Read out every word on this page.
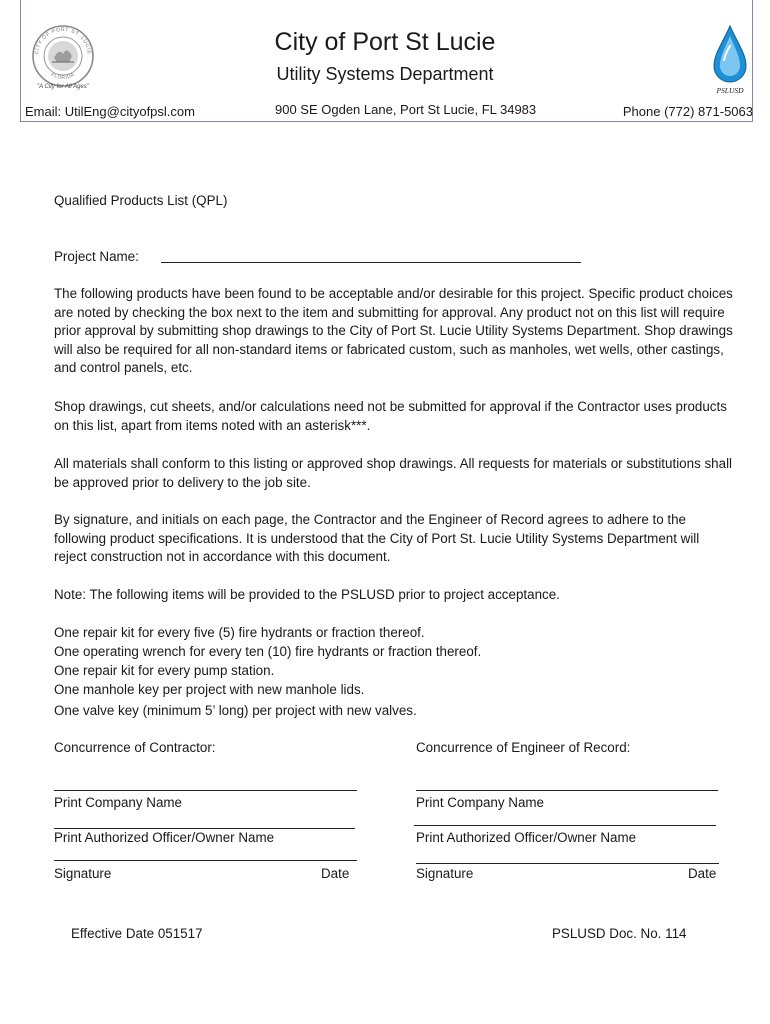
CITY OF PORT ST. LUCIE
FLORIDA
"A City for All Ages"	PSLUSD
City of Port St Lucie
Utility Systems Department
Email: UtilEng@cityofpsl.com	900 SE Ogden Lane, Port St Lucie, FL 34983	Phone (772) 871-5063
Qualified Products List (QPL)
Project Name:
The following products have been found to be acceptable and/or desirable for this project. Specific product choices are noted by checking the box next to the item and submitting for approval. Any product not on this list will require prior approval by submitting shop drawings to the City of Port St. Lucie Utility Systems Department. Shop drawings will also be required for all non-standard items or fabricated custom, such as manholes, wet wells, other castings, and control panels, etc.
Shop drawings, cut sheets, and/or calculations need not be submitted for approval if the Contractor uses products on this list, apart from items noted with an asterisk***.
All materials shall conform to this listing or approved shop drawings. All requests for materials or substitutions shall be approved prior to delivery to the job site.
By signature, and initials on each page, the Contractor and the Engineer of Record agrees to adhere to the following product specifications. It is understood that the City of Port St. Lucie Utility Systems Department will reject construction not in accordance with this document.
Note: The following items will be provided to the PSLUSD prior to project acceptance.
One repair kit for every five (5) fire hydrants or fraction thereof.
One operating wrench for every ten (10) fire hydrants or fraction thereof.
One repair kit for every pump station.
One manhole key per project with new manhole lids.
One valve key (minimum 5’ long) per project with new valves.
Concurrence of Contractor:
Print Company Name
Print Authorized Officer/Owner Name
Signature	Date
Concurrence of Engineer of Record:
Print Company Name
Print Authorized Officer/Owner Name
Signature	Date
Effective Date 051517	PSLUSD Doc. No. 114
